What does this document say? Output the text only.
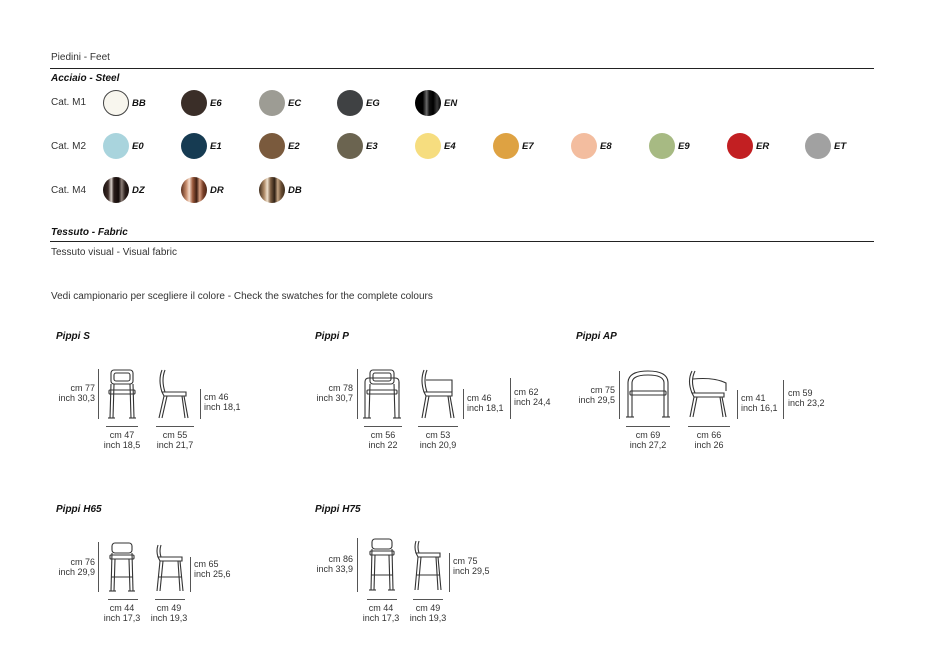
Piedini - Feet
Acciaio - Steel
Cat. M1	BB	E6	EC	EG	EN
Cat. M2	E0	E1	E2	E3	E4	E7	E8	E9	ER	ET
Cat. M4	DZ	DR	DB
Tessuto - Fabric
Tessuto visual - Visual fabric
Vedi campionario per scegliere il colore - Check the swatches for the complete colours
Pippi S
cm 77
inch 30,3	cm 46
inch 18,1
cm 47
inch 18,5
cm 55
inch 21,7
Pippi P
cm 78
inch 30,7	cm 46
inch 18,1
cm 62
inch 24,4
cm 56
inch 22
cm 53
inch 20,9
Pippi AP
cm 75
inch 29,5	cm 41
inch 16,1
cm 59
inch 23,2
cm 69
inch 27,2
cm 66
inch 26
Pippi H65
cm 76
inch 29,9
cm 65
inch 25,6
cm 44
inch 17,3
cm 49
inch 19,3
Pippi H75
cm 86
inch 33,9
cm 75
inch 29,5
cm 44
inch 17,3
cm 49
inch 19,3
